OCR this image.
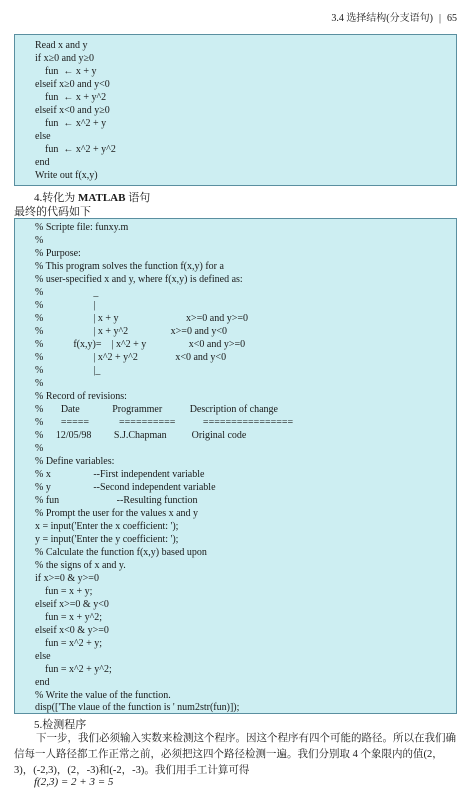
3.4 选择结构(分支语句) | 65
Read x and y
if x≥0 and y≥0
fun  ← x + y
elseif x≥0 and y<0
fun  ← x + y^2
elseif x<0 and y≥0
fun  ← x^2 + y
else
fun  ← x^2 + y^2
end
Write out f(x,y)
4.转化为 MATLAB 语句
最终的代码如下
% Scripte file: funxy.m
%
% Purpose:
% This program solves the function f(x,y) for a
% user-specified x and y, where f(x,y) is defined as:
%                    _
%                    |
%                    | x + y                           x>=0 and y>=0
%                    | x + y^2                 x>=0 and y<0
%            f(x,y)=    | x^2 + y                 x<0 and y>=0
%                    | x^2 + y^2               x<0 and y<0
%                    |_
%
% Record of revisions:
%       Date             Programmer           Description of change
%       =====            ==========           ================
%     12/05/98         S.J.Chapman          Original code
%
% Define variables:
% x                 --First independent variable
% y                 --Second independent variable
% fun                       --Resulting function
% Prompt the user for the values x and y
x = input('Enter the x coefficient: ');
y = input('Enter the y coefficient: ');
% Calculate the function f(x,y) based upon
% the signs of x and y.
if x>=0 & y>=0
fun = x + y;
elseif x>=0 & y<0
fun = x + y^2;
elseif x<0 & y>=0
fun = x^2 + y;
else
fun = x^2 + y^2;
end
% Write the value of the function.
disp(['The vlaue of the function is ' num2str(fun)]);
5.检测程序
下一步，我们必须输入实数来检测这个程序。因这个程序有四个可能的路径。所以在我们确信每一人路径都工作正常之前，必须把这四个路径检测一遍。我们分别取 4 个象限内的值(2，3)，(-2,3)，(2，-3)和(-2，-3)。我们用手工计算可得
f(2,3) = 2 + 3 = 5
